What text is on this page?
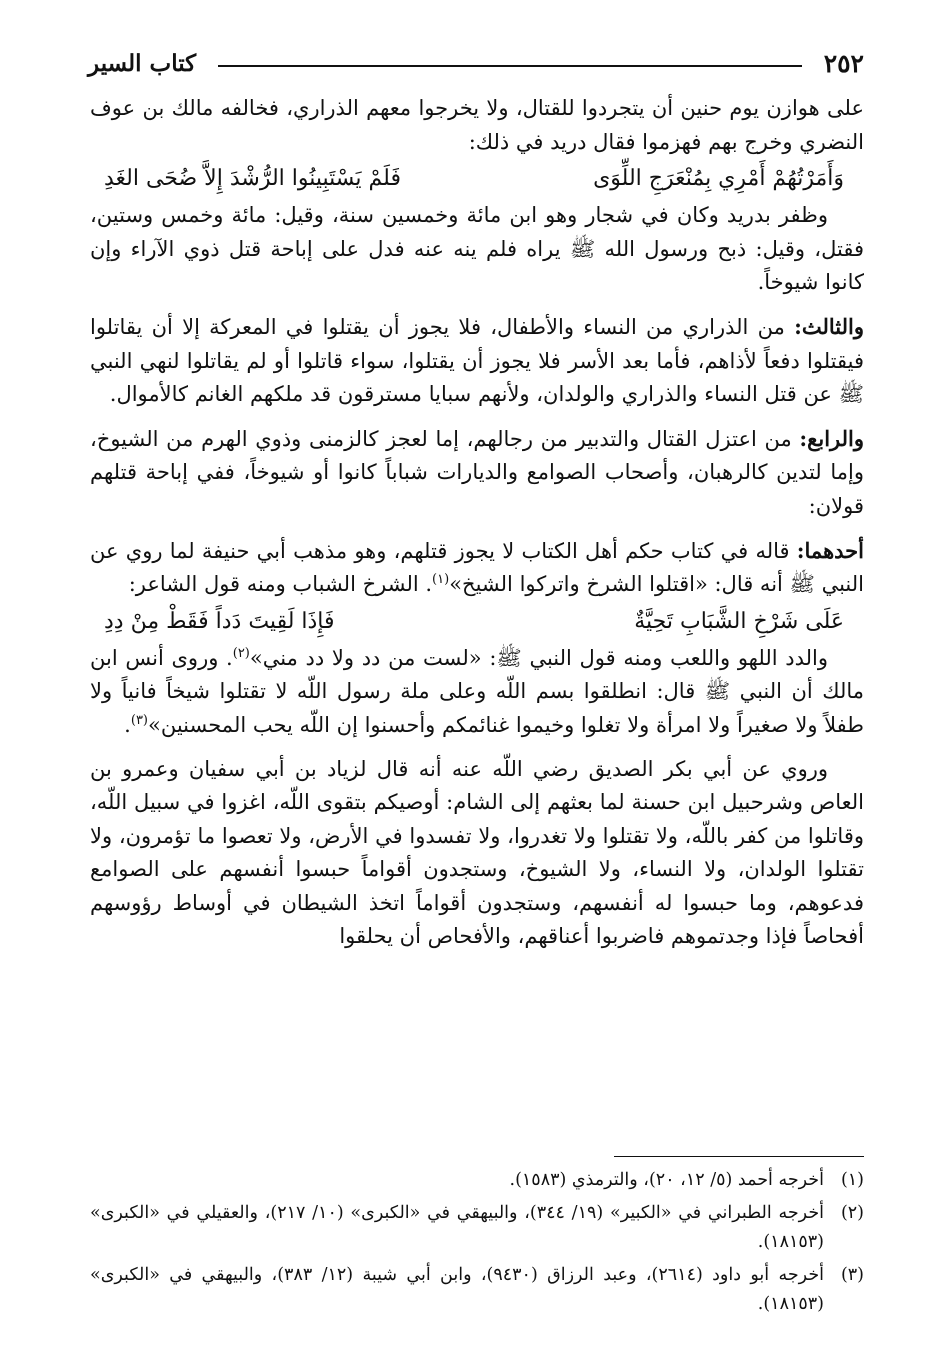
٢٥٢
كتاب السير

على هوازن يوم حنين أن يتجردوا للقتال، ولا يخرجوا معهم الذراري، فخالفه مالك بن عوف النضري وخرج بهم فهزموا فقال دريد في ذلك:

وَأَمَرْتُهُمْ أَمْرِي بِمُنْعَرَجِ اللِّوَى
فَلَمْ يَسْتَبِينُوا الرُّشْدَ إِلاَّ ضُحَى الغَدِ

وظفر بدريد وكان في شجار وهو ابن مائة وخمسين سنة، وقيل: مائة وخمس وستين، فقتل، وقيل: ذبح ورسول الله ﷺ يراه فلم ينه عنه فدل على إباحة قتل ذوي الآراء وإن كانوا شيوخاً.

والثالث: من الذراري من النساء والأطفال، فلا يجوز أن يقتلوا في المعركة إلا أن يقاتلوا فيقتلوا دفعاً لأذاهم، فأما بعد الأسر فلا يجوز أن يقتلوا، سواء قاتلوا أو لم يقاتلوا لنهي النبي ﷺ عن قتل النساء والذراري والولدان، ولأنهم سبايا مسترقون قد ملكهم الغانم كالأموال.

والرابع: من اعتزل القتال والتدبير من رجالهم، إما لعجز كالزمنى وذوي الهرم من الشيوخ، وإما لتدين كالرهبان، وأصحاب الصوامع والديارات شباباً كانوا أو شيوخاً، ففي إباحة قتلهم قولان:

أحدهما: قاله في كتاب حكم أهل الكتاب لا يجوز قتلهم، وهو مذهب أبي حنيفة لما روي عن النبي ﷺ أنه قال: «اقتلوا الشرخ واتركوا الشيخ»$^{(١)}$. الشرخ الشباب ومنه قول الشاعر:

عَلَى شَرْخِ الشَّبَابِ تَحِيَّةٌ
فَإِذَا لَقِيتَ دَداً فَقَطْ مِنْ دِدِ

والدد اللهو واللعب ومنه قول النبي ﷺ: «لست من دد ولا دد مني»$^{(٢)}$. وروى أنس ابن مالك أن النبي ﷺ قال: انطلقوا بسم اللّه وعلى ملة رسول اللّه لا تقتلوا شيخاً فانياً ولا طفلاً ولا صغيراً ولا امرأة ولا تغلوا وخيموا غنائمكم وأحسنوا إن اللّه يحب المحسنين»$^{(٣)}$.

وروي عن أبي بكر الصديق رضي اللّه عنه أنه قال لزياد بن أبي سفيان وعمرو بن العاص وشرحبيل ابن حسنة لما بعثهم إلى الشام: أوصيكم بتقوى اللّه، اغزوا في سبيل اللّه، وقاتلوا من كفر باللّه، ولا تقتلوا ولا تغدروا، ولا تفسدوا في الأرض، ولا تعصوا ما تؤمرون، ولا تقتلوا الولدان، ولا النساء، ولا الشيوخ، وستجدون أقواماً حبسوا أنفسهم على الصوامع فدعوهم، وما حبسوا له أنفسهم، وستجدون أقواماً اتخذ الشيطان في أوساط رؤوسهم أفحاصاً فإذا وجدتموهم فاضربوا أعناقهم، والأفحاص أن يحلقوا

(١)
أخرجه أحمد (٥/ ١٢، ٢٠)، والترمذي (١٥٨٣).
(٢)
أخرجه الطبراني في «الكبير» (١٩/ ٣٤٤)، والبيهقي في «الكبرى» (١٠/ ٢١٧)، والعقيلي في «الكبرى» (١٨١٥٣).
(٣)
أخرجه أبو داود (٢٦١٤)، وعبد الرزاق (٩٤٣٠)، وابن أبي شيبة (١٢/ ٣٨٣)، والبيهقي في «الكبرى» (١٨١٥٣).
